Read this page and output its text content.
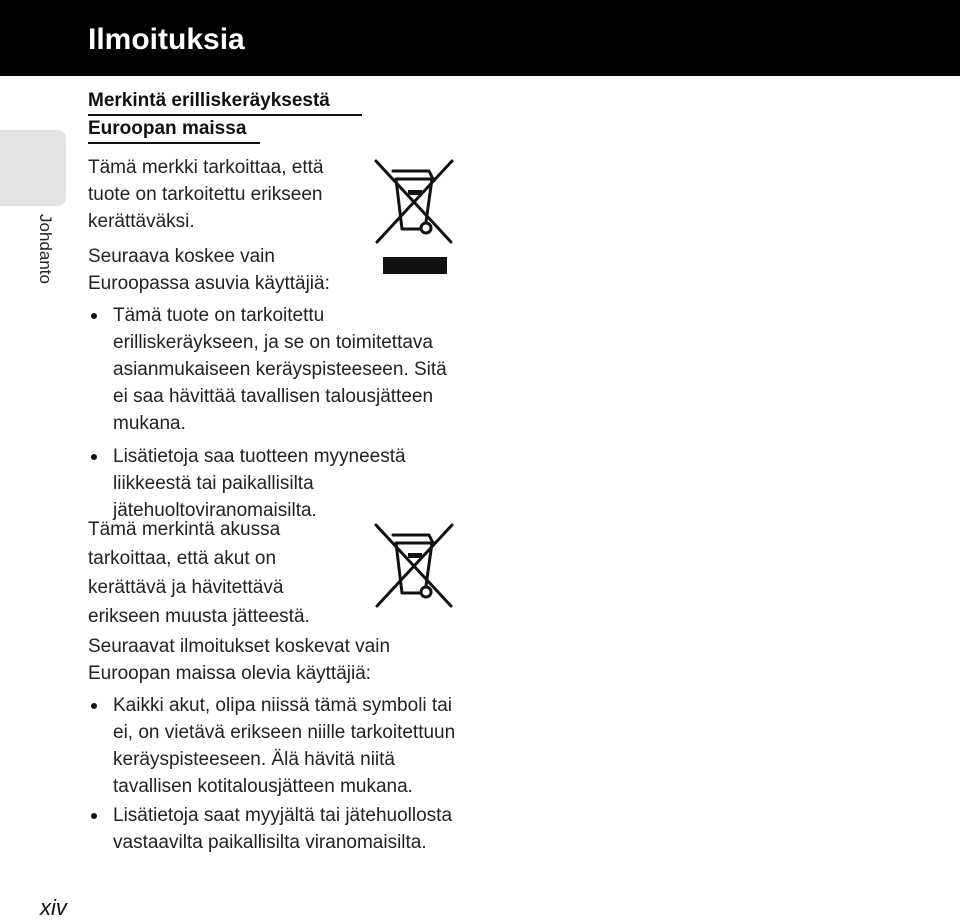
Ilmoituksia
Johdanto
xiv
Merkintä erilliskeräyksestä
Euroopan maissa

Tämä merkki tarkoittaa, että tuote on tarkoitettu erikseen kerättäväksi.

Seuraava koskee vain Euroopassa asuvia käyttäjiä:

Tämä tuote on tarkoitettu erilliskeräykseen, ja se on toimitettava asianmukaiseen keräyspisteeseen. Sitä ei saa hävittää tavallisen talousjätteen mukana.
Lisätietoja saa tuotteen myyneestä liikkeestä tai paikallisilta jätehuoltoviranomaisilta.

Tämä merkintä akussa tarkoittaa, että akut on kerättävä ja hävitettävä erikseen muusta jätteestä.

Seuraavat ilmoitukset koskevat vain Euroopan maissa olevia käyttäjiä:

Kaikki akut, olipa niissä tämä symboli tai ei, on vietävä erikseen niille tarkoitettuun keräyspisteeseen. Älä hävitä niitä tavallisen kotitalousjätteen mukana.
Lisätietoja saat myyjältä tai jätehuollosta vastaavilta paikallisilta viranomaisilta.
